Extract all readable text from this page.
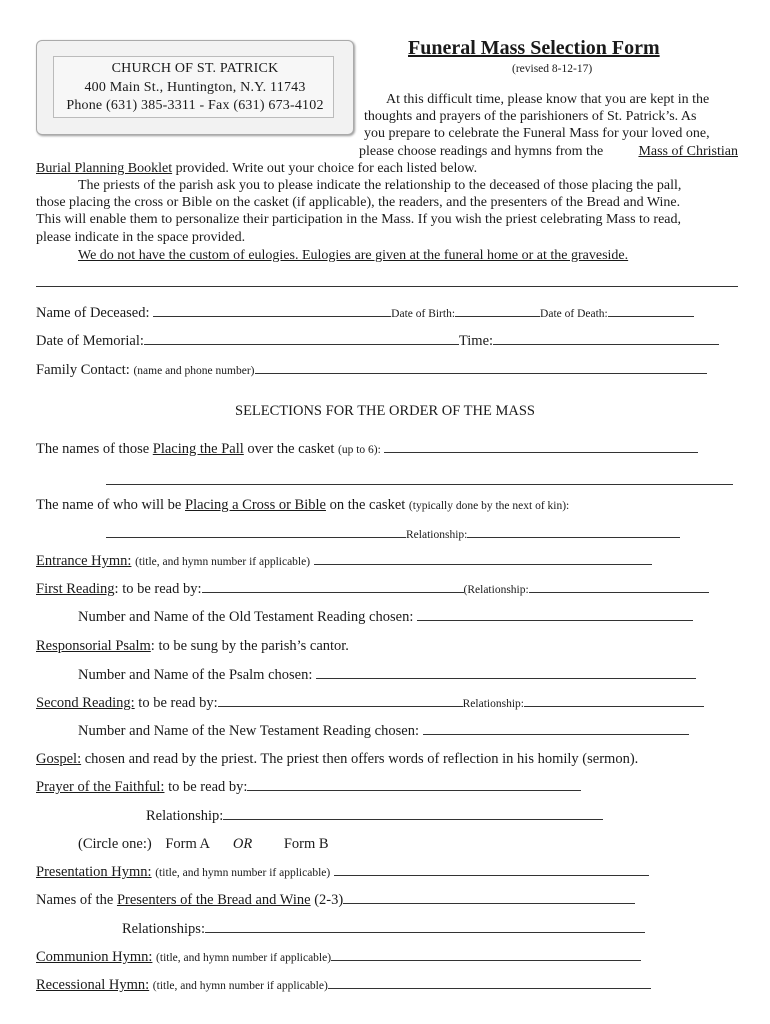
CHURCH OF ST. PATRICK
400 Main St., Huntington, N.Y. 11743
Phone (631) 385-3311 - Fax (631) 673-4102
Funeral Mass Selection Form
(revised 8-12-17)
At this difficult time, please know that you are kept in the
thoughts and prayers of the parishioners of St. Patrick’s. As
you prepare to celebrate the Funeral Mass for your loved one,
please choose readings and hymns from the	Mass of Christian
Burial Planning Booklet provided. Write out your choice for each listed below.
The priests of the parish ask you to please indicate the relationship to the deceased of those placing the pall,
those placing the cross or Bible on the casket (if applicable), the readers, and the presenters of the Bread and Wine.
This will enable them to personalize their participation in the Mass. If you wish the priest celebrating Mass to read,
please indicate in the space provided.
We do not have the custom of eulogies. Eulogies are given at the funeral home or at the graveside.
Name of Deceased:	Date of Birth:	Date of Death:
Date of Memorial:	Time:
Family Contact: (name and phone number)
SELECTIONS FOR THE ORDER OF THE MASS
The names of those Placing the Pall over the casket (up to 6):
The name of who will be Placing a Cross or Bible on the casket (typically done by the next of kin):
Relationship:
Entrance Hymn: (title, and hymn number if applicable)
First Reading: to be read by:	(Relationship:
Number and Name of the Old Testament Reading chosen:
Responsorial Psalm: to be sung by the parish’s cantor.
Number and Name of the Psalm chosen:
Second Reading: to be read by:	Relationship:
Number and Name of the New Testament Reading chosen:
Gospel: chosen and read by the priest. The priest then offers words of reflection in his homily (sermon).
Prayer of the Faithful: to be read by:
Relationship:
(Circle one:) Form A OR Form B
Presentation Hymn: (title, and hymn number if applicable)
Names of the Presenters of the Bread and Wine (2-3)
Relationships:
Communion Hymn: (title, and hymn number if applicable)
Recessional Hymn: (title, and hymn number if applicable)
